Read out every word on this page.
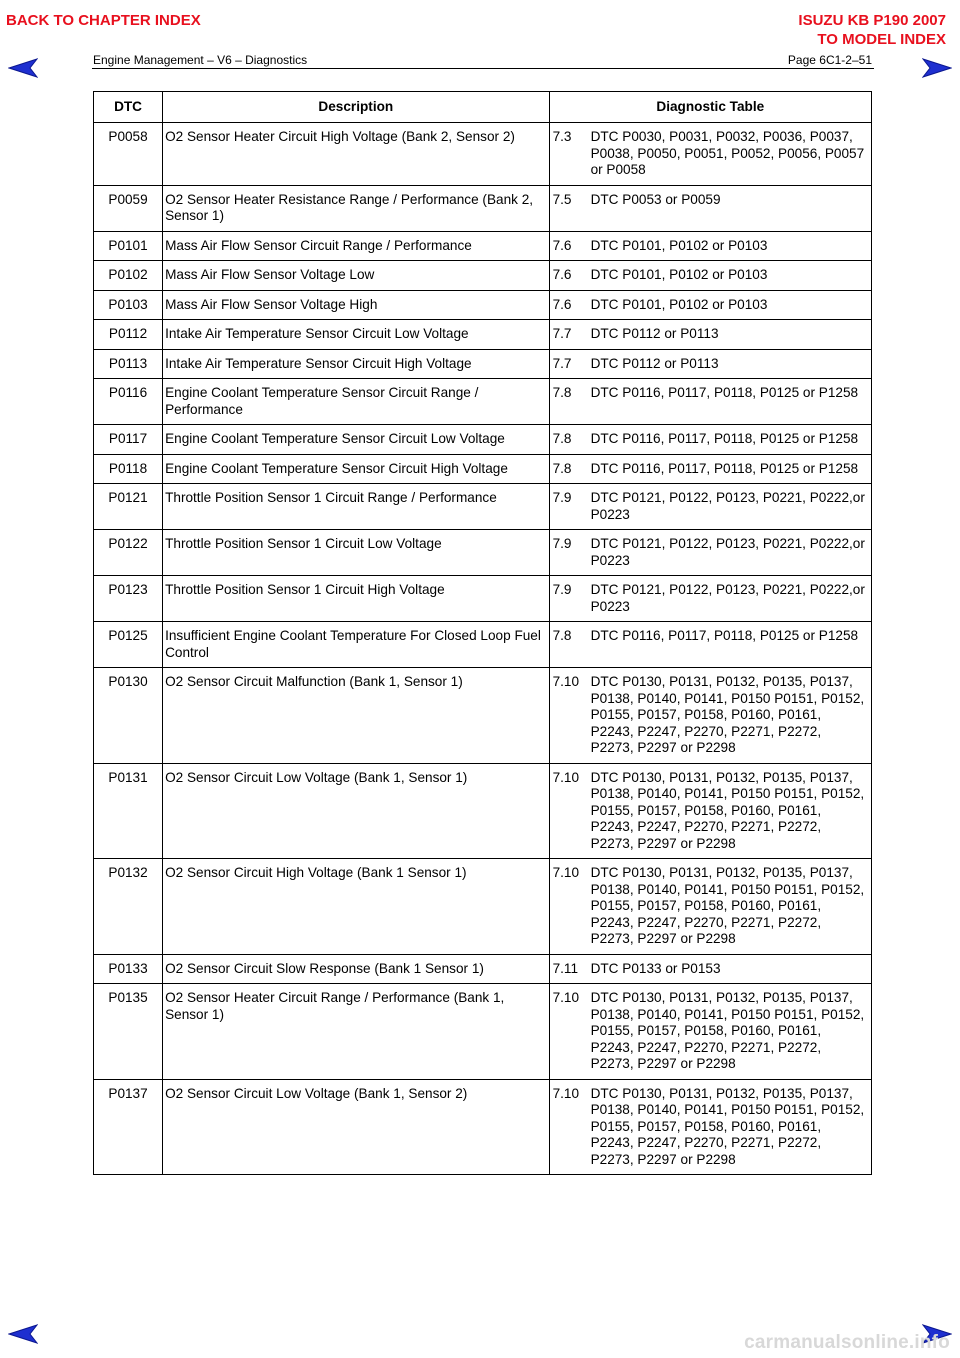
BACK TO CHAPTER INDEX	ISUZU KB P190 2007
TO MODEL INDEX
Engine Management – V6 – Diagnostics	Page 6C1-2–51
DTC	Description	Diagnostic Table
P0058	O2 Sensor Heater Circuit High Voltage (Bank 2, Sensor 2)	7.3 DTC P0030, P0031, P0032, P0036, P0037, P0038, P0050, P0051, P0052, P0056, P0057 or P0058

P0059	O2 Sensor Heater Resistance Range / Performance (Bank 2, Sensor 1)	7.5 DTC P0053 or P0059

P0101	Mass Air Flow Sensor Circuit Range / Performance	7.6 DTC P0101, P0102 or P0103

P0102	Mass Air Flow Sensor Voltage Low	7.6 DTC P0101, P0102 or P0103

P0103	Mass Air Flow Sensor Voltage High	7.6 DTC P0101, P0102 or P0103

P0112	Intake Air Temperature Sensor Circuit Low Voltage	7.7 DTC P0112 or P0113

P0113	Intake Air Temperature Sensor Circuit High Voltage	7.7 DTC P0112 or P0113

P0116	Engine Coolant Temperature Sensor Circuit Range / Performance	7.8 DTC P0116, P0117, P0118, P0125 or P1258

P0117	Engine Coolant Temperature Sensor Circuit Low Voltage	7.8 DTC P0116, P0117, P0118, P0125 or P1258

P0118	Engine Coolant Temperature Sensor Circuit High Voltage	7.8 DTC P0116, P0117, P0118, P0125 or P1258

P0121	Throttle Position Sensor 1 Circuit Range / Performance	7.9 DTC P0121, P0122, P0123, P0221, P0222,or P0223

P0122	Throttle Position Sensor 1 Circuit Low Voltage	7.9 DTC P0121, P0122, P0123, P0221, P0222,or P0223

P0123	Throttle Position Sensor 1 Circuit High Voltage	7.9 DTC P0121, P0122, P0123, P0221, P0222,or P0223

P0125	Insufficient Engine Coolant Temperature For Closed Loop Fuel Control	7.8 DTC P0116, P0117, P0118, P0125 or P1258

P0130	O2 Sensor Circuit Malfunction (Bank 1, Sensor 1)	7.10 DTC P0130, P0131, P0132, P0135, P0137, P0138, P0140, P0141, P0150 P0151, P0152, P0155, P0157, P0158, P0160, P0161, P2243, P2247, P2270, P2271, P2272, P2273, P2297 or P2298

P0131	O2 Sensor Circuit Low Voltage (Bank 1, Sensor 1)	7.10 DTC P0130, P0131, P0132, P0135, P0137, P0138, P0140, P0141, P0150 P0151, P0152, P0155, P0157, P0158, P0160, P0161, P2243, P2247, P2270, P2271, P2272, P2273, P2297 or P2298

P0132	O2 Sensor Circuit High Voltage (Bank 1 Sensor 1)	7.10 DTC P0130, P0131, P0132, P0135, P0137, P0138, P0140, P0141, P0150 P0151, P0152, P0155, P0157, P0158, P0160, P0161, P2243, P2247, P2270, P2271, P2272, P2273, P2297 or P2298

P0133	O2 Sensor Circuit Slow Response (Bank 1 Sensor 1)	7.11 DTC P0133 or P0153

P0135	O2 Sensor Heater Circuit Range / Performance (Bank 1, Sensor 1)	7.10 DTC P0130, P0131, P0132, P0135, P0137, P0138, P0140, P0141, P0150 P0151, P0152, P0155, P0157, P0158, P0160, P0161, P2243, P2247, P2270, P2271, P2272, P2273, P2297 or P2298

P0137	O2 Sensor Circuit Low Voltage (Bank 1, Sensor 2)	7.10 DTC P0130, P0131, P0132, P0135, P0137, P0138, P0140, P0141, P0150 P0151, P0152, P0155, P0157, P0158, P0160, P0161, P2243, P2247, P2270, P2271, P2272, P2273, P2297 or P2298
carmanualsonline.info
